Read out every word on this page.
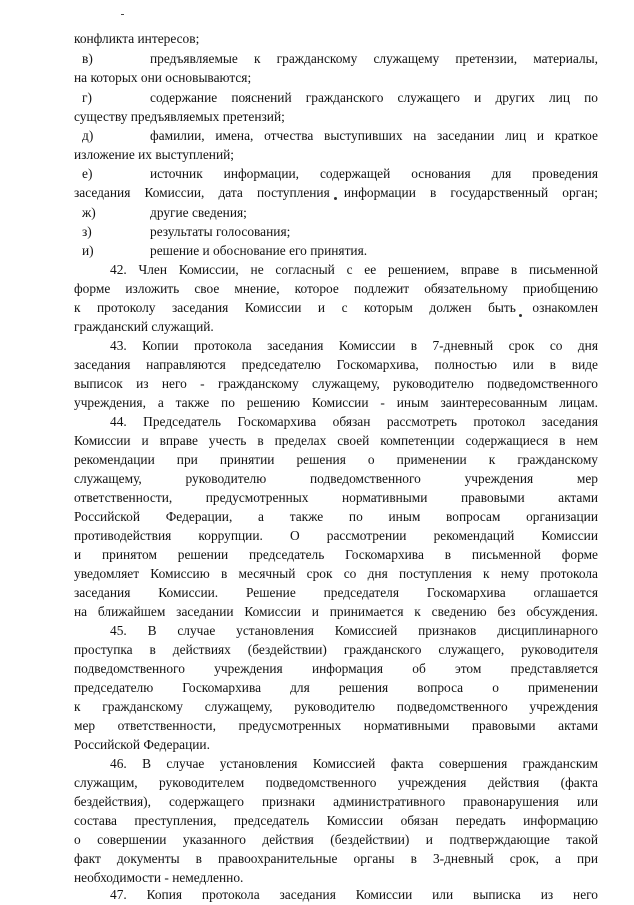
конфликта интересов;
в)	предъявляемые к гражданскому служащему претензии, материалы,
на которых они основываются;
г)	содержание пояснений гражданского служащего и других лиц по
существу предъявляемых претензий;
д)	фамилии, имена, отчества выступивших на заседании лиц и краткое
изложение их выступлений;
е)	источник информации, содержащей основания для проведения
заседания Комиссии, дата поступления информации в государственный орган;
ж)	другие сведения;
з)	результаты голосования;
и)	решение и обоснование его принятия.
42. Член Комиссии, не согласный с ее решением, вправе в письменной
форме изложить свое мнение, которое подлежит обязательному приобщению
к протоколу заседания Комиссии и с которым должен быть ознакомлен
гражданский служащий.
43. Копии протокола заседания Комиссии в 7-дневный срок со дня
заседания направляются председателю Госкомархива, полностью или в виде
выписок из него - гражданскому служащему, руководителю подведомственного
учреждения, а также по решению Комиссии - иным заинтересованным лицам.
44. Председатель Госкомархива обязан рассмотреть протокол заседания
Комиссии и вправе учесть в пределах своей компетенции содержащиеся в нем
рекомендации при принятии решения о применении к гражданскому
служащему, руководителю подведомственного учреждения мер
ответственности, предусмотренных нормативными правовыми актами
Российской Федерации, а также по иным вопросам организации
противодействия коррупции. О рассмотрении рекомендаций Комиссии
и принятом решении председатель Госкомархива в письменной форме
уведомляет Комиссию в месячный срок со дня поступления к нему протокола
заседания Комиссии. Решение председателя Госкомархива оглашается
на ближайшем заседании Комиссии и принимается к сведению без обсуждения.
45. В случае установления Комиссией признаков дисциплинарного
проступка в действиях (бездействии) гражданского служащего, руководителя
подведомственного учреждения информация об этом представляется
председателю Госкомархива для решения вопроса о применении
к гражданскому служащему, руководителю подведомственного учреждения
мер ответственности, предусмотренных нормативными правовыми актами
Российской Федерации.
46. В случае установления Комиссией факта совершения гражданским
служащим, руководителем подведомственного учреждения действия (факта
бездействия), содержащего признаки административного правонарушения или
состава преступления, председатель Комиссии обязан передать информацию
о совершении указанного действия (бездействии) и подтверждающие такой
факт документы в правоохранительные органы в 3-дневный срок, а при
необходимости - немедленно.
47. Копия протокола заседания Комиссии или выписка из него
